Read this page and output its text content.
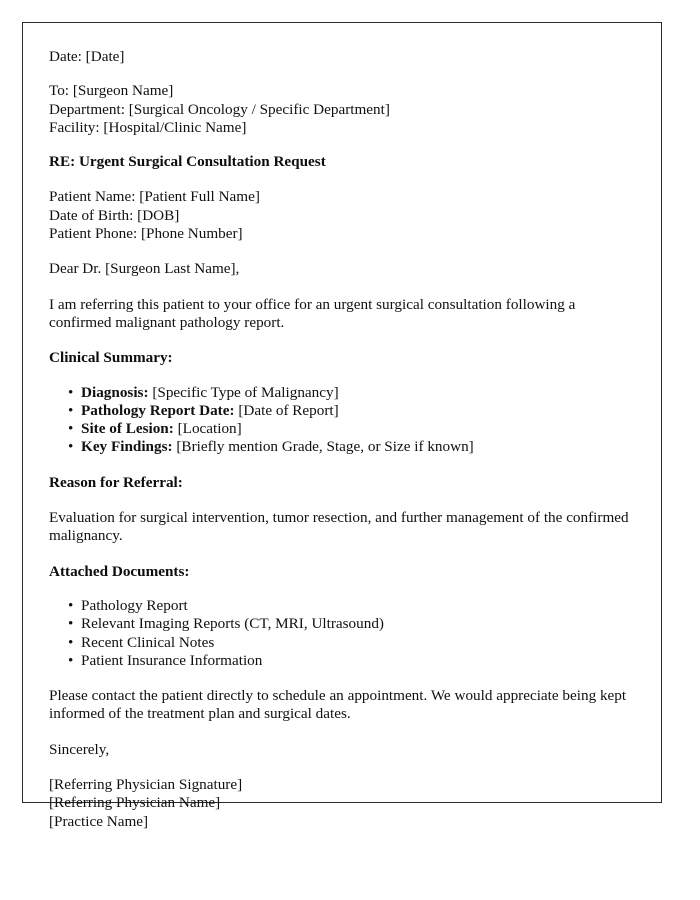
Date: [Date]
To: [Surgeon Name]
Department: [Surgical Oncology / Specific Department]
Facility: [Hospital/Clinic Name]
RE: Urgent Surgical Consultation Request
Patient Name: [Patient Full Name]
Date of Birth: [DOB]
Patient Phone: [Phone Number]
Dear Dr. [Surgeon Last Name],
I am referring this patient to your office for an urgent surgical consultation following a confirmed malignant pathology report.
Clinical Summary:
• Diagnosis: [Specific Type of Malignancy]
• Pathology Report Date: [Date of Report]
• Site of Lesion: [Location]
• Key Findings: [Briefly mention Grade, Stage, or Size if known]
Reason for Referral:
Evaluation for surgical intervention, tumor resection, and further management of the confirmed malignancy.
Attached Documents:
• Pathology Report
• Relevant Imaging Reports (CT, MRI, Ultrasound)
• Recent Clinical Notes
• Patient Insurance Information
Please contact the patient directly to schedule an appointment. We would appreciate being kept informed of the treatment plan and surgical dates.
Sincerely,
[Referring Physician Signature]
[Referring Physician Name]
[Practice Name]
